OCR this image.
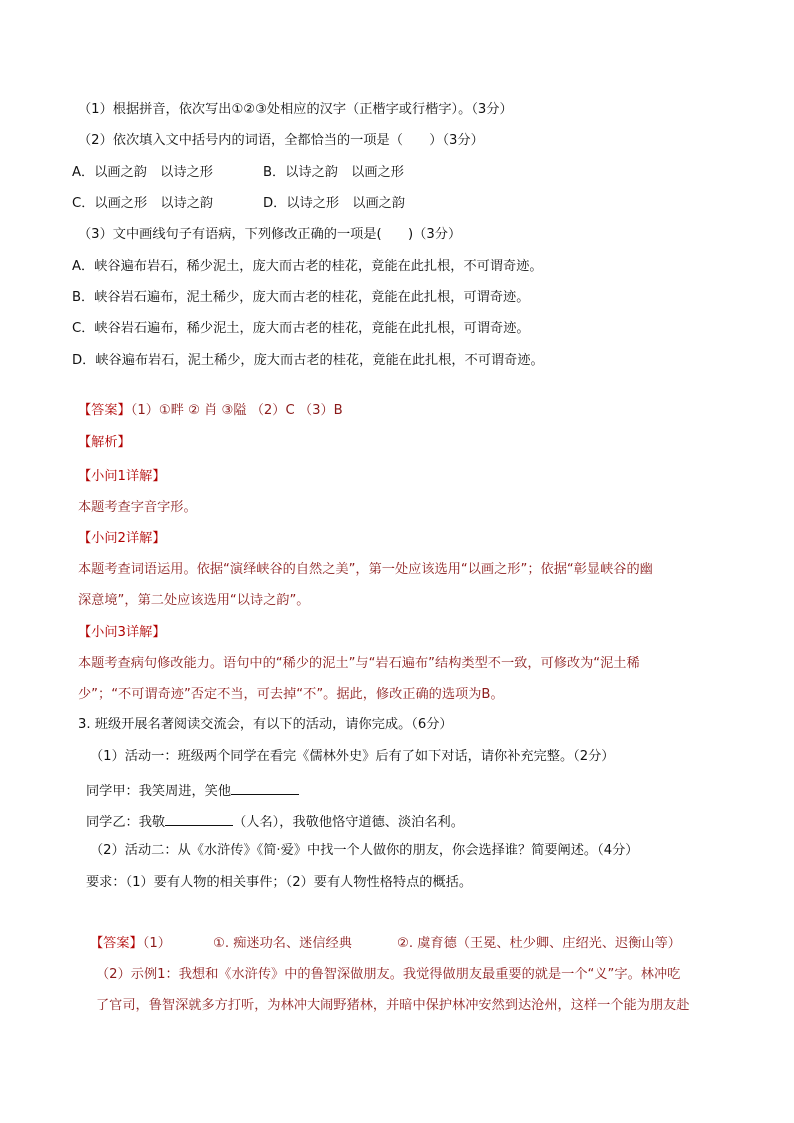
（1）根据拼音，依次写出①②③处相应的汉字（正楷字或行楷字）。（3分）
（2）依次填入文中括号内的词语，全都恰当的一项是（　　）（3分）
A．以画之韵　以诗之形	B．以诗之韵　以画之形
C．以画之形　以诗之韵	D．以诗之形　以画之韵
（3）文中画线句子有语病，下列修改正确的一项是(　　)（3分）
A．峡谷遍布岩石，稀少泥土，庞大而古老的桂花，竟能在此扎根，不可谓奇迹。
B．峡谷岩石遍布，泥土稀少，庞大而古老的桂花，竟能在此扎根，可谓奇迹。
C．峡谷岩石遍布，稀少泥土，庞大而古老的桂花，竟能在此扎根，可谓奇迹。
D．峡谷遍布岩石，泥土稀少，庞大而古老的桂花，竟能在此扎根，不可谓奇迹。
【答案】（1）①畔 ② 肖 ③隘 （2）C （3）B
【解析】
【小问1详解】
本题考查字音字形。
【小问2详解】
本题考查词语运用。依据“演绎峡谷的自然之美”，第一处应该选用“以画之形”；依据“彰显峡谷的幽
深意境”，第二处应该选用“以诗之韵”。
【小问3详解】
本题考查病句修改能力。语句中的“稀少的泥土”与“岩石遍布”结构类型不一致，可修改为“泥土稀
少”；“不可谓奇迹”否定不当，可去掉“不”。据此，修改正确的选项为B。
3. 班级开展名著阅读交流会，有以下的活动，请你完成。（6分）
（1）活动一：班级两个同学在看完《儒林外史》后有了如下对话，请你补充完整。（2分）
同学甲：我笑周进，笑他
同学乙：我敬	（人名），我敬他恪守道德、淡泊名利。
（2）活动二：从《水浒传》《简·爱》中找一个人做你的朋友，你会选择谁？简要阐述。（4分）
要求：（1）要有人物的相关事件；（2）要有人物性格特点的概括。
【答案】（1）	①. 痴迷功名、迷信经典	②. 虞育德（王冕、杜少卿、庄绍光、迟衡山等）
（2）示例1：我想和《水浒传》中的鲁智深做朋友。我觉得做朋友最重要的就是一个“义”字。林冲吃
了官司，鲁智深就多方打听，为林冲大闹野猪林，并暗中保护林冲安然到达沧州，这样一个能为朋友赴
